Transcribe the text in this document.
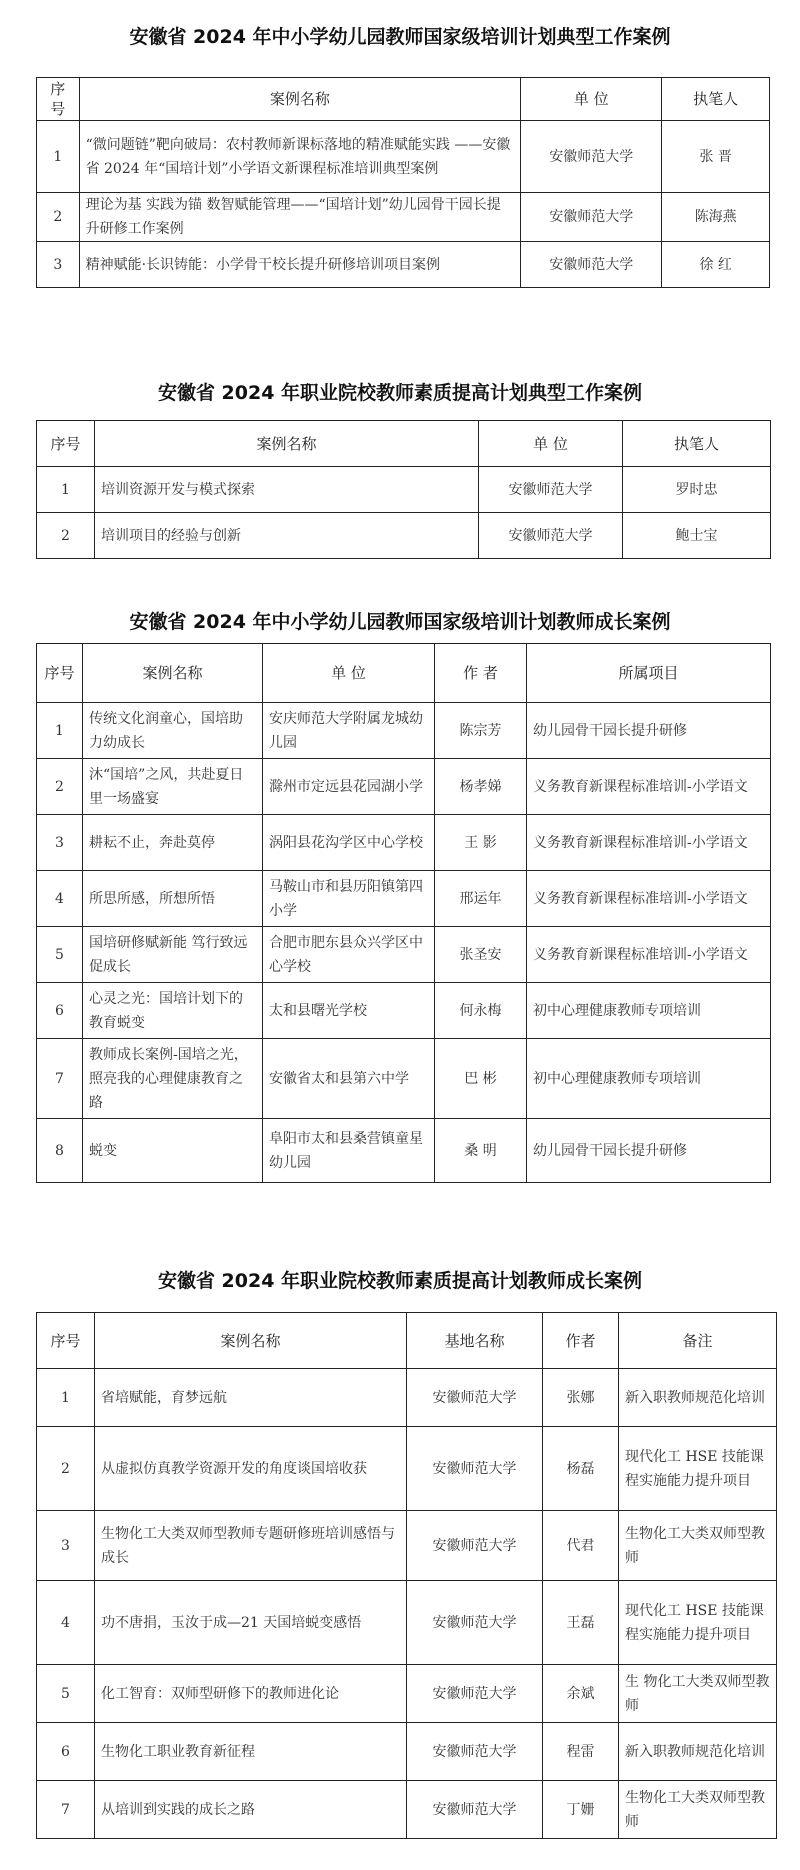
安徽省 2024 年中小学幼儿园教师国家级培训计划典型工作案例
序号	案例名称	单 位	执笔人
1	“微问题链”靶向破局：农村教师新课标落地的精准赋能实践 ——安徽省 2024 年“国培计划”小学语文新课程标准培训典型案例	安徽师范大学	张 晋
2	理论为基 实践为锚 数智赋能管理——“国培计划”幼儿园骨干园长提升研修工作案例	安徽师范大学	陈海燕
3	精神赋能·长识铸能：小学骨干校长提升研修培训项目案例	安徽师范大学	徐 红
安徽省 2024 年职业院校教师素质提高计划典型工作案例
序号	案例名称	单 位	执笔人
1	培训资源开发与模式探索	安徽师范大学	罗时忠
2	培训项目的经验与创新	安徽师范大学	鲍士宝
安徽省 2024 年中小学幼儿园教师国家级培训计划教师成长案例
序号	案例名称	单 位	作 者	所属项目
1	传统文化润童心，国培助力幼成长	安庆师范大学附属龙城幼儿园	陈宗芳	幼儿园骨干园长提升研修
2	沐“国培”之风，共赴夏日里一场盛宴	滁州市定远县花园湖小学	杨孝娣	义务教育新课程标准培训-小学语文
3	耕耘不止，奔赴莫停	涡阳县花沟学区中心学校	王 影	义务教育新课程标准培训-小学语文
4	所思所感，所想所悟	马鞍山市和县历阳镇第四小学	邢运年	义务教育新课程标准培训-小学语文
5	国培研修赋新能 笃行致远促成长	合肥市肥东县众兴学区中心学校	张圣安	义务教育新课程标准培训-小学语文
6	心灵之光：国培计划下的教育蜕变	太和县曙光学校	何永梅	初中心理健康教师专项培训
7	教师成长案例-国培之光，照亮我的心理健康教育之路	安徽省太和县第六中学	巴 彬	初中心理健康教师专项培训
8	蜕变	阜阳市太和县桑营镇童星幼儿园	桑 明	幼儿园骨干园长提升研修
安徽省 2024 年职业院校教师素质提高计划教师成长案例
序号	案例名称	基地名称	作者	备注
1	省培赋能，育梦远航	安徽师范大学	张娜	新入职教师规范化培训
2	从虚拟仿真教学资源开发的角度谈国培收获	安徽师范大学	杨磊	现代化工 HSE 技能课程实施能力提升项目
3	生物化工大类双师型教师专题研修班培训感悟与成长	安徽师范大学	代君	生物化工大类双师型教师
4	功不唐捐，玉汝于成—21 天国培蜕变感悟	安徽师范大学	王磊	现代化工 HSE 技能课程实施能力提升项目
5	化工智育：双师型研修下的教师进化论	安徽师范大学	余斌	生 物化工大类双师型教师
6	生物化工职业教育新征程	安徽师范大学	程雷	新入职教师规范化培训
7	从培训到实践的成长之路	安徽师范大学	丁姗	生物化工大类双师型教师
